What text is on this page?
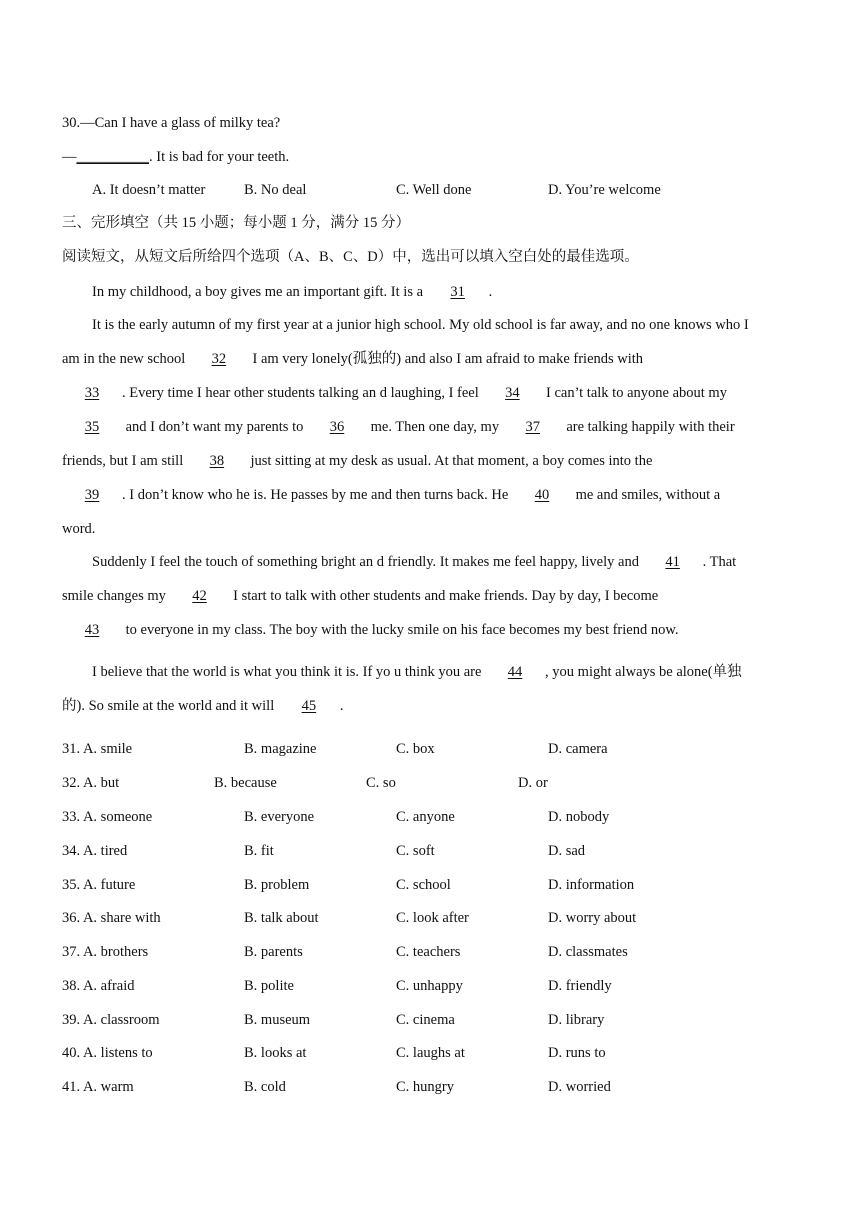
30.—Can I have a glass of milky tea?
—__________. It is bad for your teeth.
A. It doesn’t matter	B. No deal	C. Well done	D. You’re welcome
三、完形填空（共 15 小题；每小题 1 分，满分 15 分）
阅读短文，从短文后所给四个选项（A、B、C、D）中，选出可以填入空白处的最佳选项。
In my childhood, a boy gives me an important gift. It is a 31 .
It is the early autumn of my first year at a junior high school. My old school is far away, and no one knows who I
am in the new school 32 I am very lonely(孤独的) and also I am afraid to make friends with
33 . Every time I hear other students talking an d laughing, I feel 34 I can’t talk to anyone about my
35 and I don’t want my parents to 36 me. Then one day, my 37 are talking happily with their
friends, but I am still 38 just sitting at my desk as usual. At that moment, a boy comes into the
39 . I don’t know who he is. He passes by me and then turns back. He 40 me and smiles, without a
word.
Suddenly I feel the touch of something bright an d friendly. It makes me feel happy, lively and 41 . That
smile changes my 42 I start to talk with other students and make friends. Day by day, I become
43 to everyone in my class. The boy with the lucky smile on his face becomes my best friend now.
I believe that the world is what you think it is. If yo u think you are 44 , you might always be alone(单独
的). So smile at the world and it will 45 .
31. A. smile	B. magazine	C. box	D. camera
32. A. but	B. because	C. so	D. or
33. A. someone	B. everyone	C. anyone	D. nobody
34. A. tired	B. fit	C. soft	D. sad
35. A. future	B. problem	C. school	D. information
36. A. share with	B. talk about	C. look after	D. worry about
37. A. brothers	B. parents	C. teachers	D. classmates
38. A. afraid	B. polite	C. unhappy	D. friendly
39. A. classroom	B. museum	C. cinema	D. library
40. A. listens to	B. looks at	C. laughs at	D. runs to
41. A. warm	B. cold	C. hungry	D. worried
